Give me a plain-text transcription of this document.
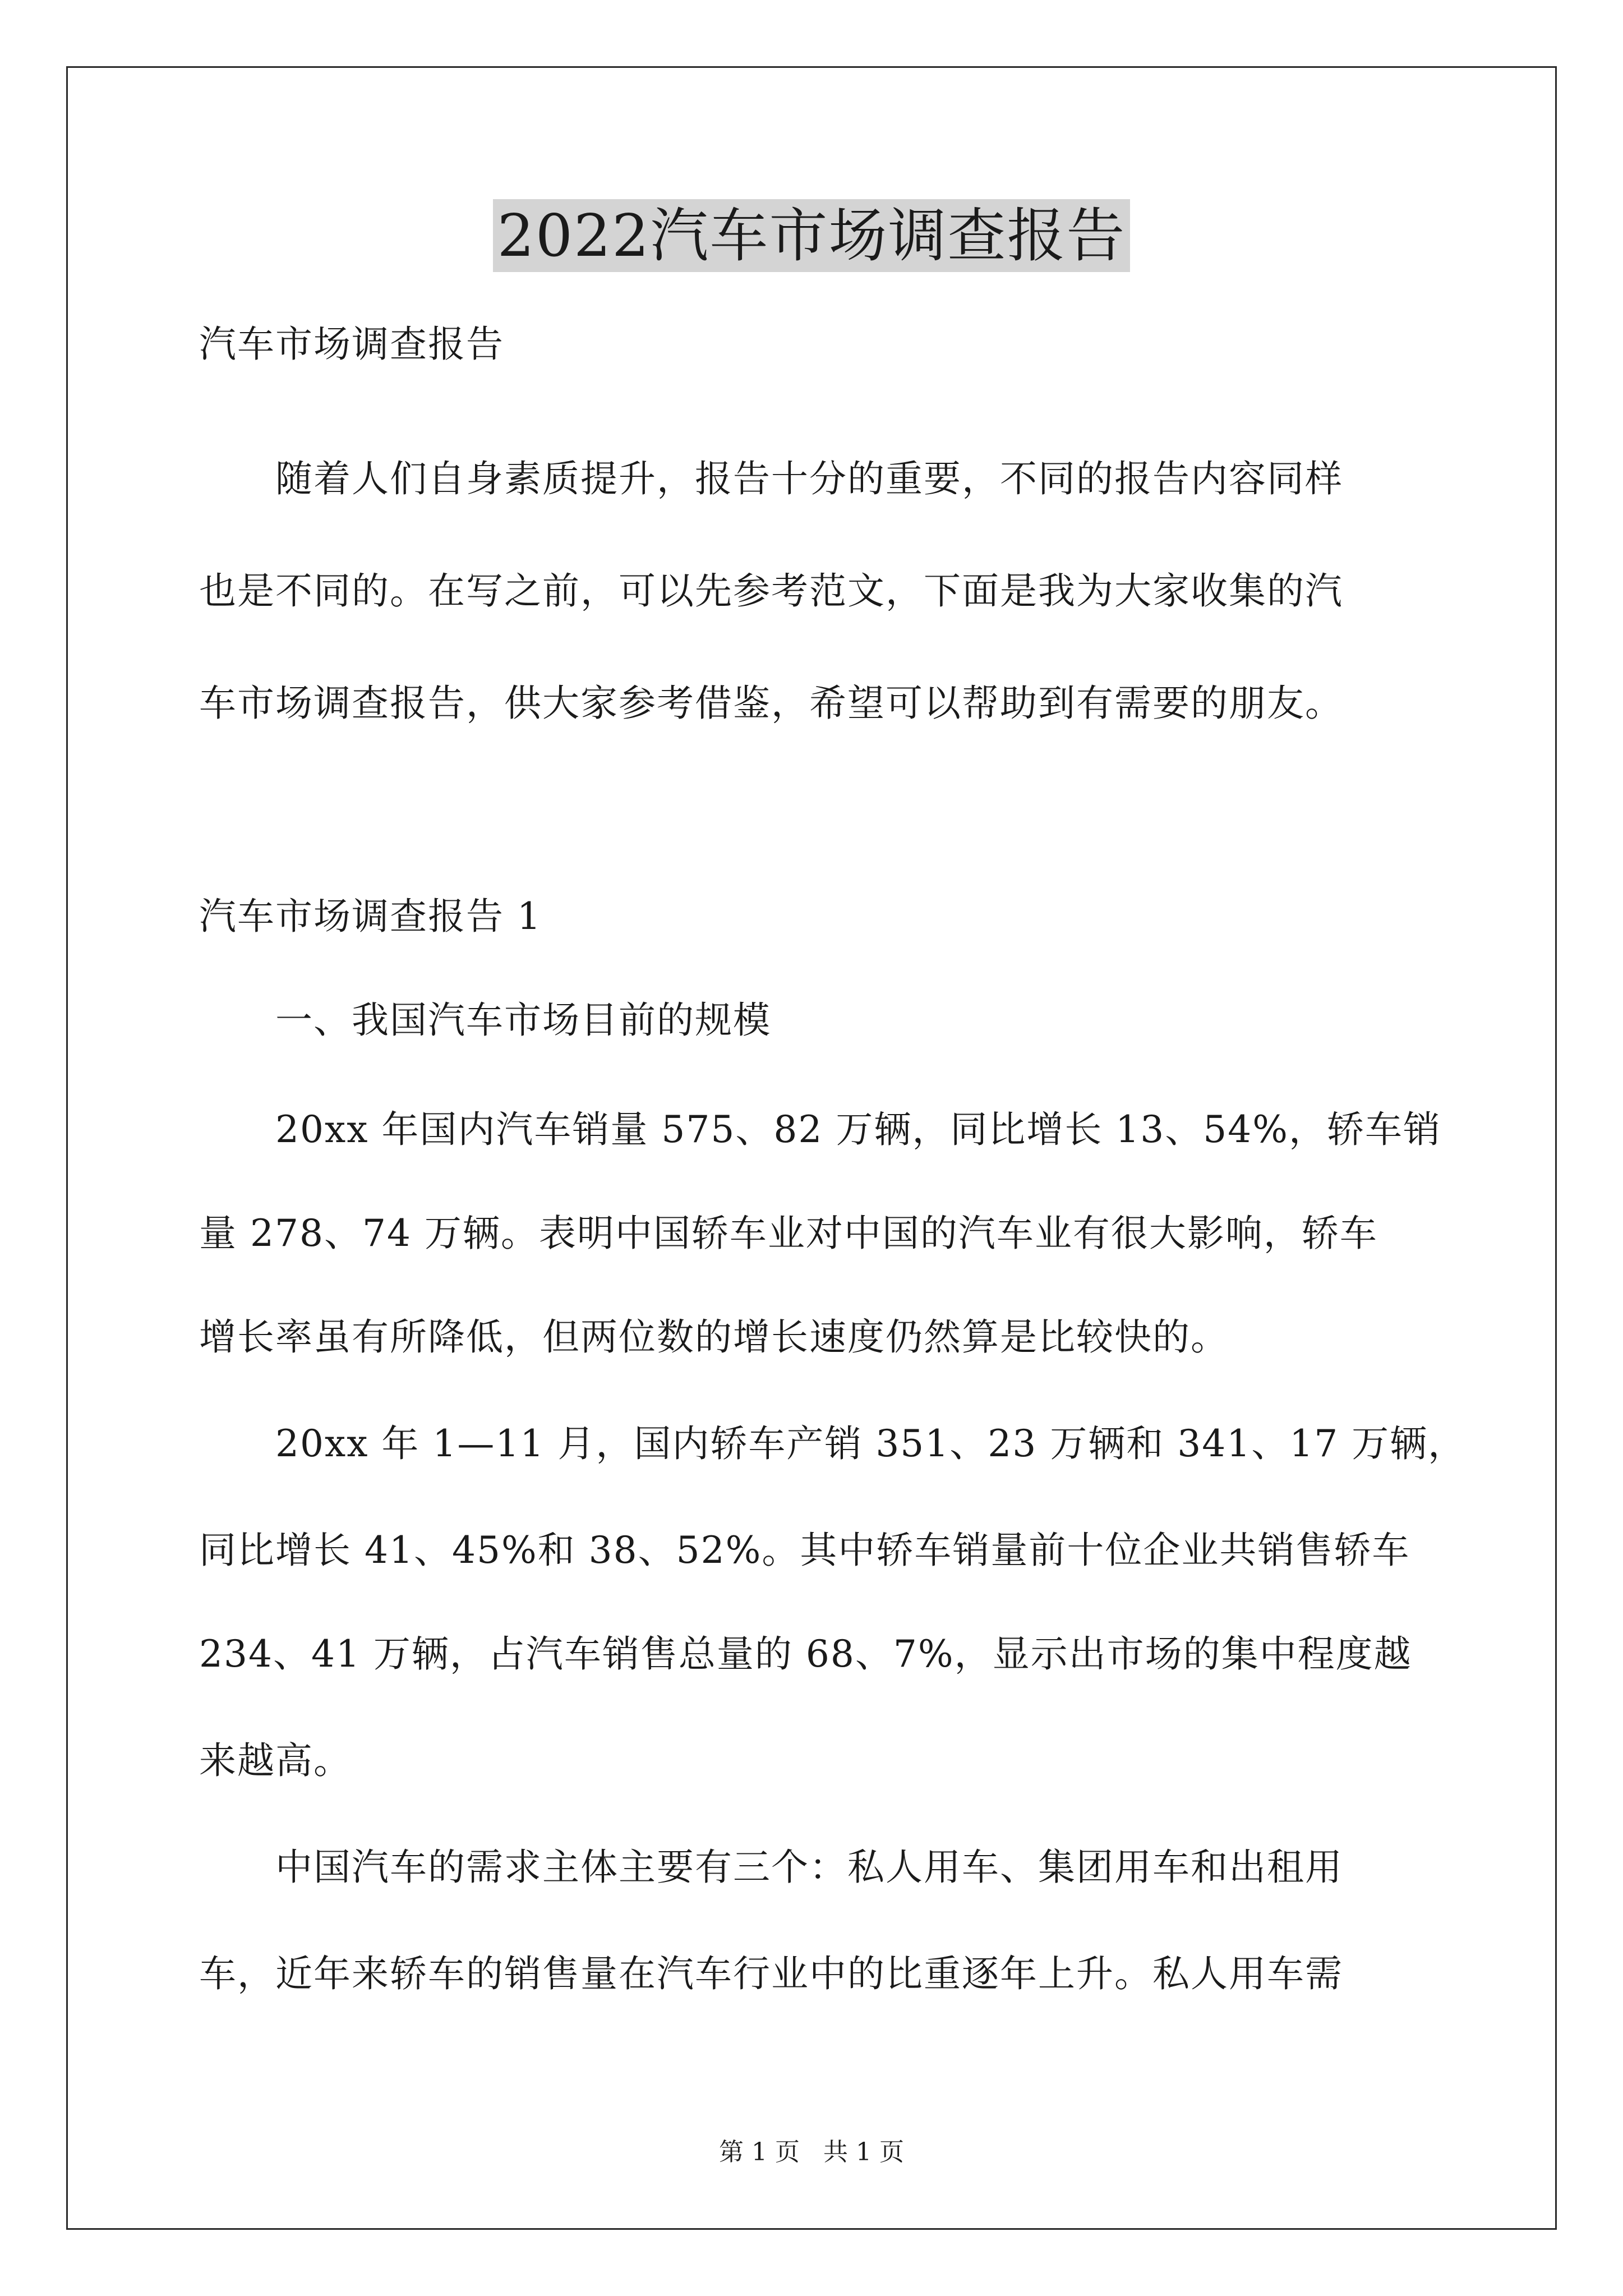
2022汽车市场调查报告
汽车市场调查报告
　　随着人们自身素质提升，报告十分的重要，不同的报告内容同样
也是不同的。在写之前，可以先参考范文，下面是我为大家收集的汽
车市场调查报告，供大家参考借鉴，希望可以帮助到有需要的朋友。
汽车市场调查报告 1
　　一、我国汽车市场目前的规模
　　20xx 年国内汽车销量 575、82 万辆，同比增长 13、54%，轿车销
量 278、74 万辆。表明中国轿车业对中国的汽车业有很大影响，轿车
增长率虽有所降低，但两位数的增长速度仍然算是比较快的。
　　20xx 年 1—11 月，国内轿车产销 351、23 万辆和 341、17 万辆，
同比增长 41、45%和 38、52%。其中轿车销量前十位企业共销售轿车
234、41 万辆，占汽车销售总量的 68、7%，显示出市场的集中程度越
来越高。
　　中国汽车的需求主体主要有三个：私人用车、集团用车和出租用
车，近年来轿车的销售量在汽车行业中的比重逐年上升。私人用车需
第 1 页 共 1 页
